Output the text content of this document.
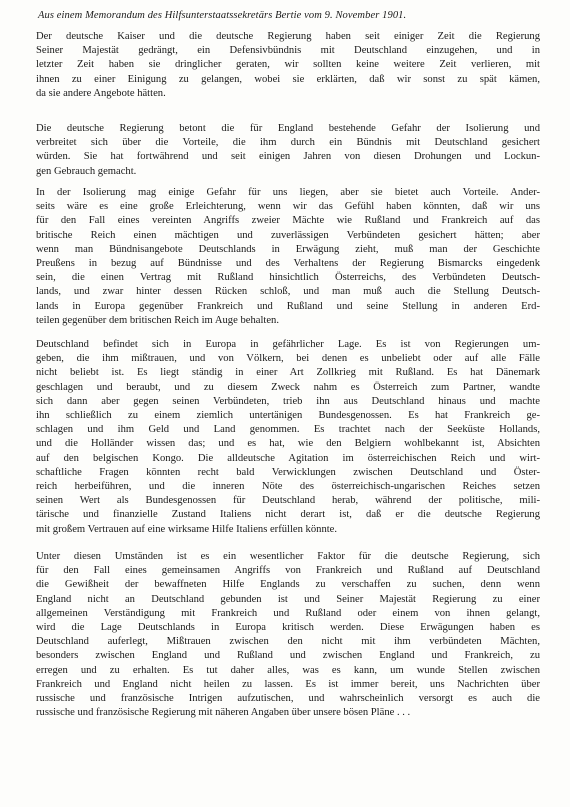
Aus einem Memorandum des Hilfsunterstaatssekretärs Bertie vom 9. November 1901.
Der deutsche Kaiser und die deutsche Regierung haben seit einiger Zeit die Regierung
Seiner Majestät gedrängt, ein Defensivbündnis mit Deutschland einzugehen, und in
letzter Zeit haben sie dringlicher geraten, wir sollten keine weitere Zeit verlieren, mit
ihnen zu einer Einigung zu gelangen, wobei sie erklärten, daß wir sonst zu spät kämen,
da sie andere Angebote hätten.
Die deutsche Regierung betont die für England bestehende Gefahr der Isolierung und
verbreitet sich über die Vorteile, die ihm durch ein Bündnis mit Deutschland gesichert
würden. Sie hat fortwährend und seit einigen Jahren von diesen Drohungen und Lockun-
gen Gebrauch gemacht.
In der Isolierung mag einige Gefahr für uns liegen, aber sie bietet auch Vorteile. Ander-
seits wäre es eine große Erleichterung, wenn wir das Gefühl haben könnten, daß wir uns
für den Fall eines vereinten Angriffs zweier Mächte wie Rußland und Frankreich auf das
britische Reich einen mächtigen und zuverlässigen Verbündeten gesichert hätten; aber
wenn man Bündnisangebote Deutschlands in Erwägung zieht, muß man der Geschichte
Preußens in bezug auf Bündnisse und des Verhaltens der Regierung Bismarcks eingedenk
sein, die einen Vertrag mit Rußland hinsichtlich Österreichs, des Verbündeten Deutsch-
lands, und zwar hinter dessen Rücken schloß, und man muß auch die Stellung Deutsch-
lands in Europa gegenüber Frankreich und Rußland und seine Stellung in anderen Erd-
teilen gegenüber dem britischen Reich im Auge behalten.
Deutschland befindet sich in Europa in gefährlicher Lage. Es ist von Regierungen um-
geben, die ihm mißtrauen, und von Völkern, bei denen es unbeliebt oder auf alle Fälle
nicht beliebt ist. Es liegt ständig in einer Art Zollkrieg mit Rußland. Es hat Dänemark
geschlagen und beraubt, und zu diesem Zweck nahm es Österreich zum Partner, wandte
sich dann aber gegen seinen Verbündeten, trieb ihn aus Deutschland hinaus und machte
ihn schließlich zu einem ziemlich untertänigen Bundesgenossen. Es hat Frankreich ge-
schlagen und ihm Geld und Land genommen. Es trachtet nach der Seeküste Hollands,
und die Holländer wissen das; und es hat, wie den Belgiern wohlbekannt ist, Absichten
auf den belgischen Kongo. Die alldeutsche Agitation im österreichischen Reich und wirt-
schaftliche Fragen könnten recht bald Verwicklungen zwischen Deutschland und Öster-
reich herbeiführen, und die inneren Nöte des österreichisch-ungarischen Reiches setzen
seinen Wert als Bundesgenossen für Deutschland herab, während der politische, mili-
tärische und finanzielle Zustand Italiens nicht derart ist, daß er die deutsche Regierung
mit großem Vertrauen auf eine wirksame Hilfe Italiens erfüllen könnte.
Unter diesen Umständen ist es ein wesentlicher Faktor für die deutsche Regierung, sich
für den Fall eines gemeinsamen Angriffs von Frankreich und Rußland auf Deutschland
die Gewißheit der bewaffneten Hilfe Englands zu verschaffen zu suchen, denn wenn
England nicht an Deutschland gebunden ist und Seiner Majestät Regierung zu einer
allgemeinen Verständigung mit Frankreich und Rußland oder einem von ihnen gelangt,
wird die Lage Deutschlands in Europa kritisch werden. Diese Erwägungen haben es
Deutschland auferlegt, Mißtrauen zwischen den nicht mit ihm verbündeten Mächten,
besonders zwischen England und Rußland und zwischen England und Frankreich, zu
erregen und zu erhalten. Es tut daher alles, was es kann, um wunde Stellen zwischen
Frankreich und England nicht heilen zu lassen. Es ist immer bereit, uns Nachrichten über
russische und französische Intrigen aufzutischen, und wahrscheinlich versorgt es auch die
russische und französische Regierung mit näheren Angaben über unsere bösen Pläne . . .
